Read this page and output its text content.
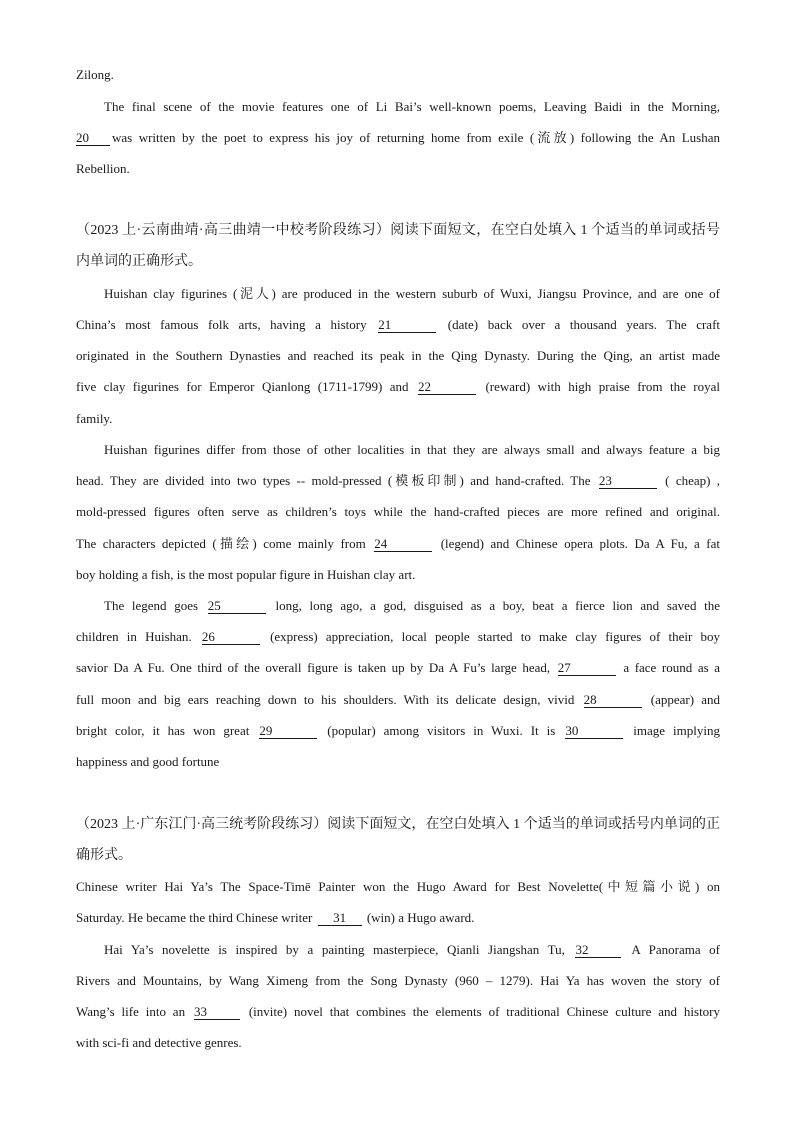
Zilong.
The final scene of the movie features one of Li Bai’s well-known poems, Leaving Baidi in the Morning,
20 was written by the poet to express his joy of returning home from exile (流放) following the An Lushan
Rebellion.
（2023 上·云南曲靖·高三曲靖一中校考阶段练习）阅读下面短文，在空白处填入 1 个适当的单词或括号
内单词的正确形式。
Huishan clay figurines (泥人) are produced in the western suburb of Wuxi, Jiangsu Province, and are one of
China’s most famous folk arts, having a history 21	(date) back over a thousand years. The craft
originated in the Southern Dynasties and reached its peak in the Qing Dynasty. During the Qing, an artist made
five clay figurines for Emperor Qianlong (1711-1799) and 22	(reward) with high praise from the royal
family.
Huishan figurines differ from those of other localities in that they are always small and always feature a big
head. They are divided into two types -- mold-pressed (模板印制) and hand-crafted. The 23	( cheap) ,
mold-pressed figures often serve as children’s toys while the hand-crafted pieces are more refined and original.
The characters depicted (描绘) come mainly from 24	(legend) and Chinese opera plots. Da A Fu, a fat
boy holding a fish, is the most popular figure in Huishan clay art.
The legend goes 25	long, long ago, a god, disguised as a boy, beat a fierce lion and saved the
children in Huishan. 26	(express) appreciation, local people started to make clay figures of their boy
savior Da A Fu. One third of the overall figure is taken up by Da A Fu’s large head, 27	a face round as a
full moon and big ears reaching down to his shoulders. With its delicate design, vivid 28	(appear) and
bright color, it has won great 29	(popular) among visitors in Wuxi. It is 30	image implying
happiness and good fortune
（2023 上·广东江门·高三统考阶段练习）阅读下面短文，在空白处填入 1 个适当的单词或括号内单词的正
确形式。
Chinese writer Hai Ya’s The Space-Timē Painter won the Hugo Award for Best Novelette(中短篇小说) on
Saturday. He became the third Chinese writer 31 (win) a Hugo award.
Hai Ya’s novelette is inspired by a painting masterpiece, Qianli Jiangshan Tu, 32	A Panorama of
Rivers and Mountains, by Wang Ximeng from the Song Dynasty (960 – 1279). Hai Ya has woven the story of
Wang’s life into an 33	(invite) novel that combines the elements of traditional Chinese culture and history
with sci-fi and detective genres.
